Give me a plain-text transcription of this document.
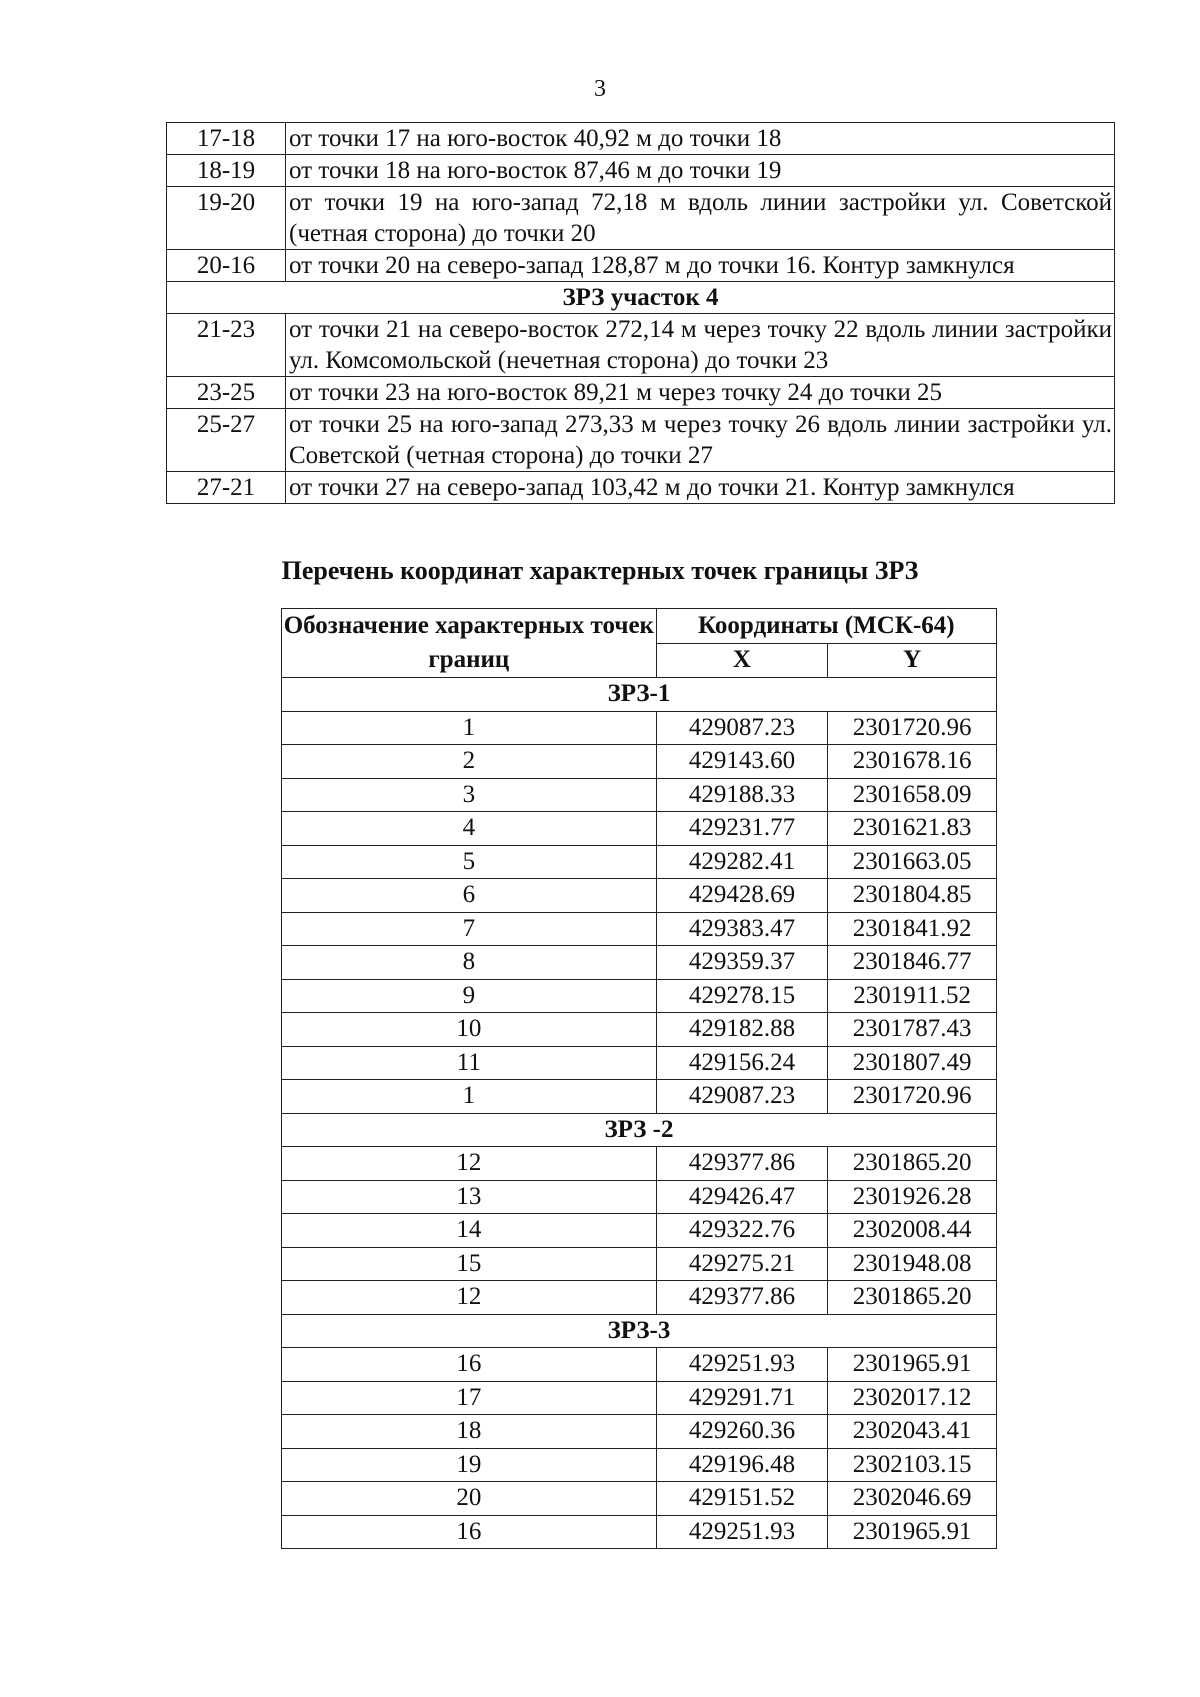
3
17-18	от точки 17 на юго-восток 40,92 м до точки 18
18-19	от точки 18 на юго-восток 87,46 м до точки 19
19-20	от точки 19 на юго-запад 72,18 м вдоль линии застройки ул. Советской (четная сторона) до точки 20
20-16	от точки 20 на северо-запад 128,87 м до точки 16. Контур замкнулся
ЗРЗ участок 4	
21-23	от точки 21 на северо-восток 272,14 м через точку 22 вдоль линии застройки ул. Комсомольской (нечетная сторона) до точки 23
23-25	от точки 23 на юго-восток 89,21 м через точку 24 до точки 25
25-27	от точки 25 на юго-запад 273,33 м через точку 26 вдоль линии застройки ул. Советской (четная сторона) до точки 27
27-21	от точки 27 на северо-запад 103,42 м до точки 21. Контур замкнулся
Перечень координат характерных точек границы ЗРЗ
Обозначение характерных точек границ	Координаты (МСК-64)	
	X	Y
ЗРЗ-1		
1	429087.23	2301720.96
2	429143.60	2301678.16
3	429188.33	2301658.09
4	429231.77	2301621.83
5	429282.41	2301663.05
6	429428.69	2301804.85
7	429383.47	2301841.92
8	429359.37	2301846.77
9	429278.15	2301911.52
10	429182.88	2301787.43
11	429156.24	2301807.49
1	429087.23	2301720.96
ЗРЗ -2		
12	429377.86	2301865.20
13	429426.47	2301926.28
14	429322.76	2302008.44
15	429275.21	2301948.08
12	429377.86	2301865.20
ЗРЗ-3		
16	429251.93	2301965.91
17	429291.71	2302017.12
18	429260.36	2302043.41
19	429196.48	2302103.15
20	429151.52	2302046.69
16	429251.93	2301965.91
